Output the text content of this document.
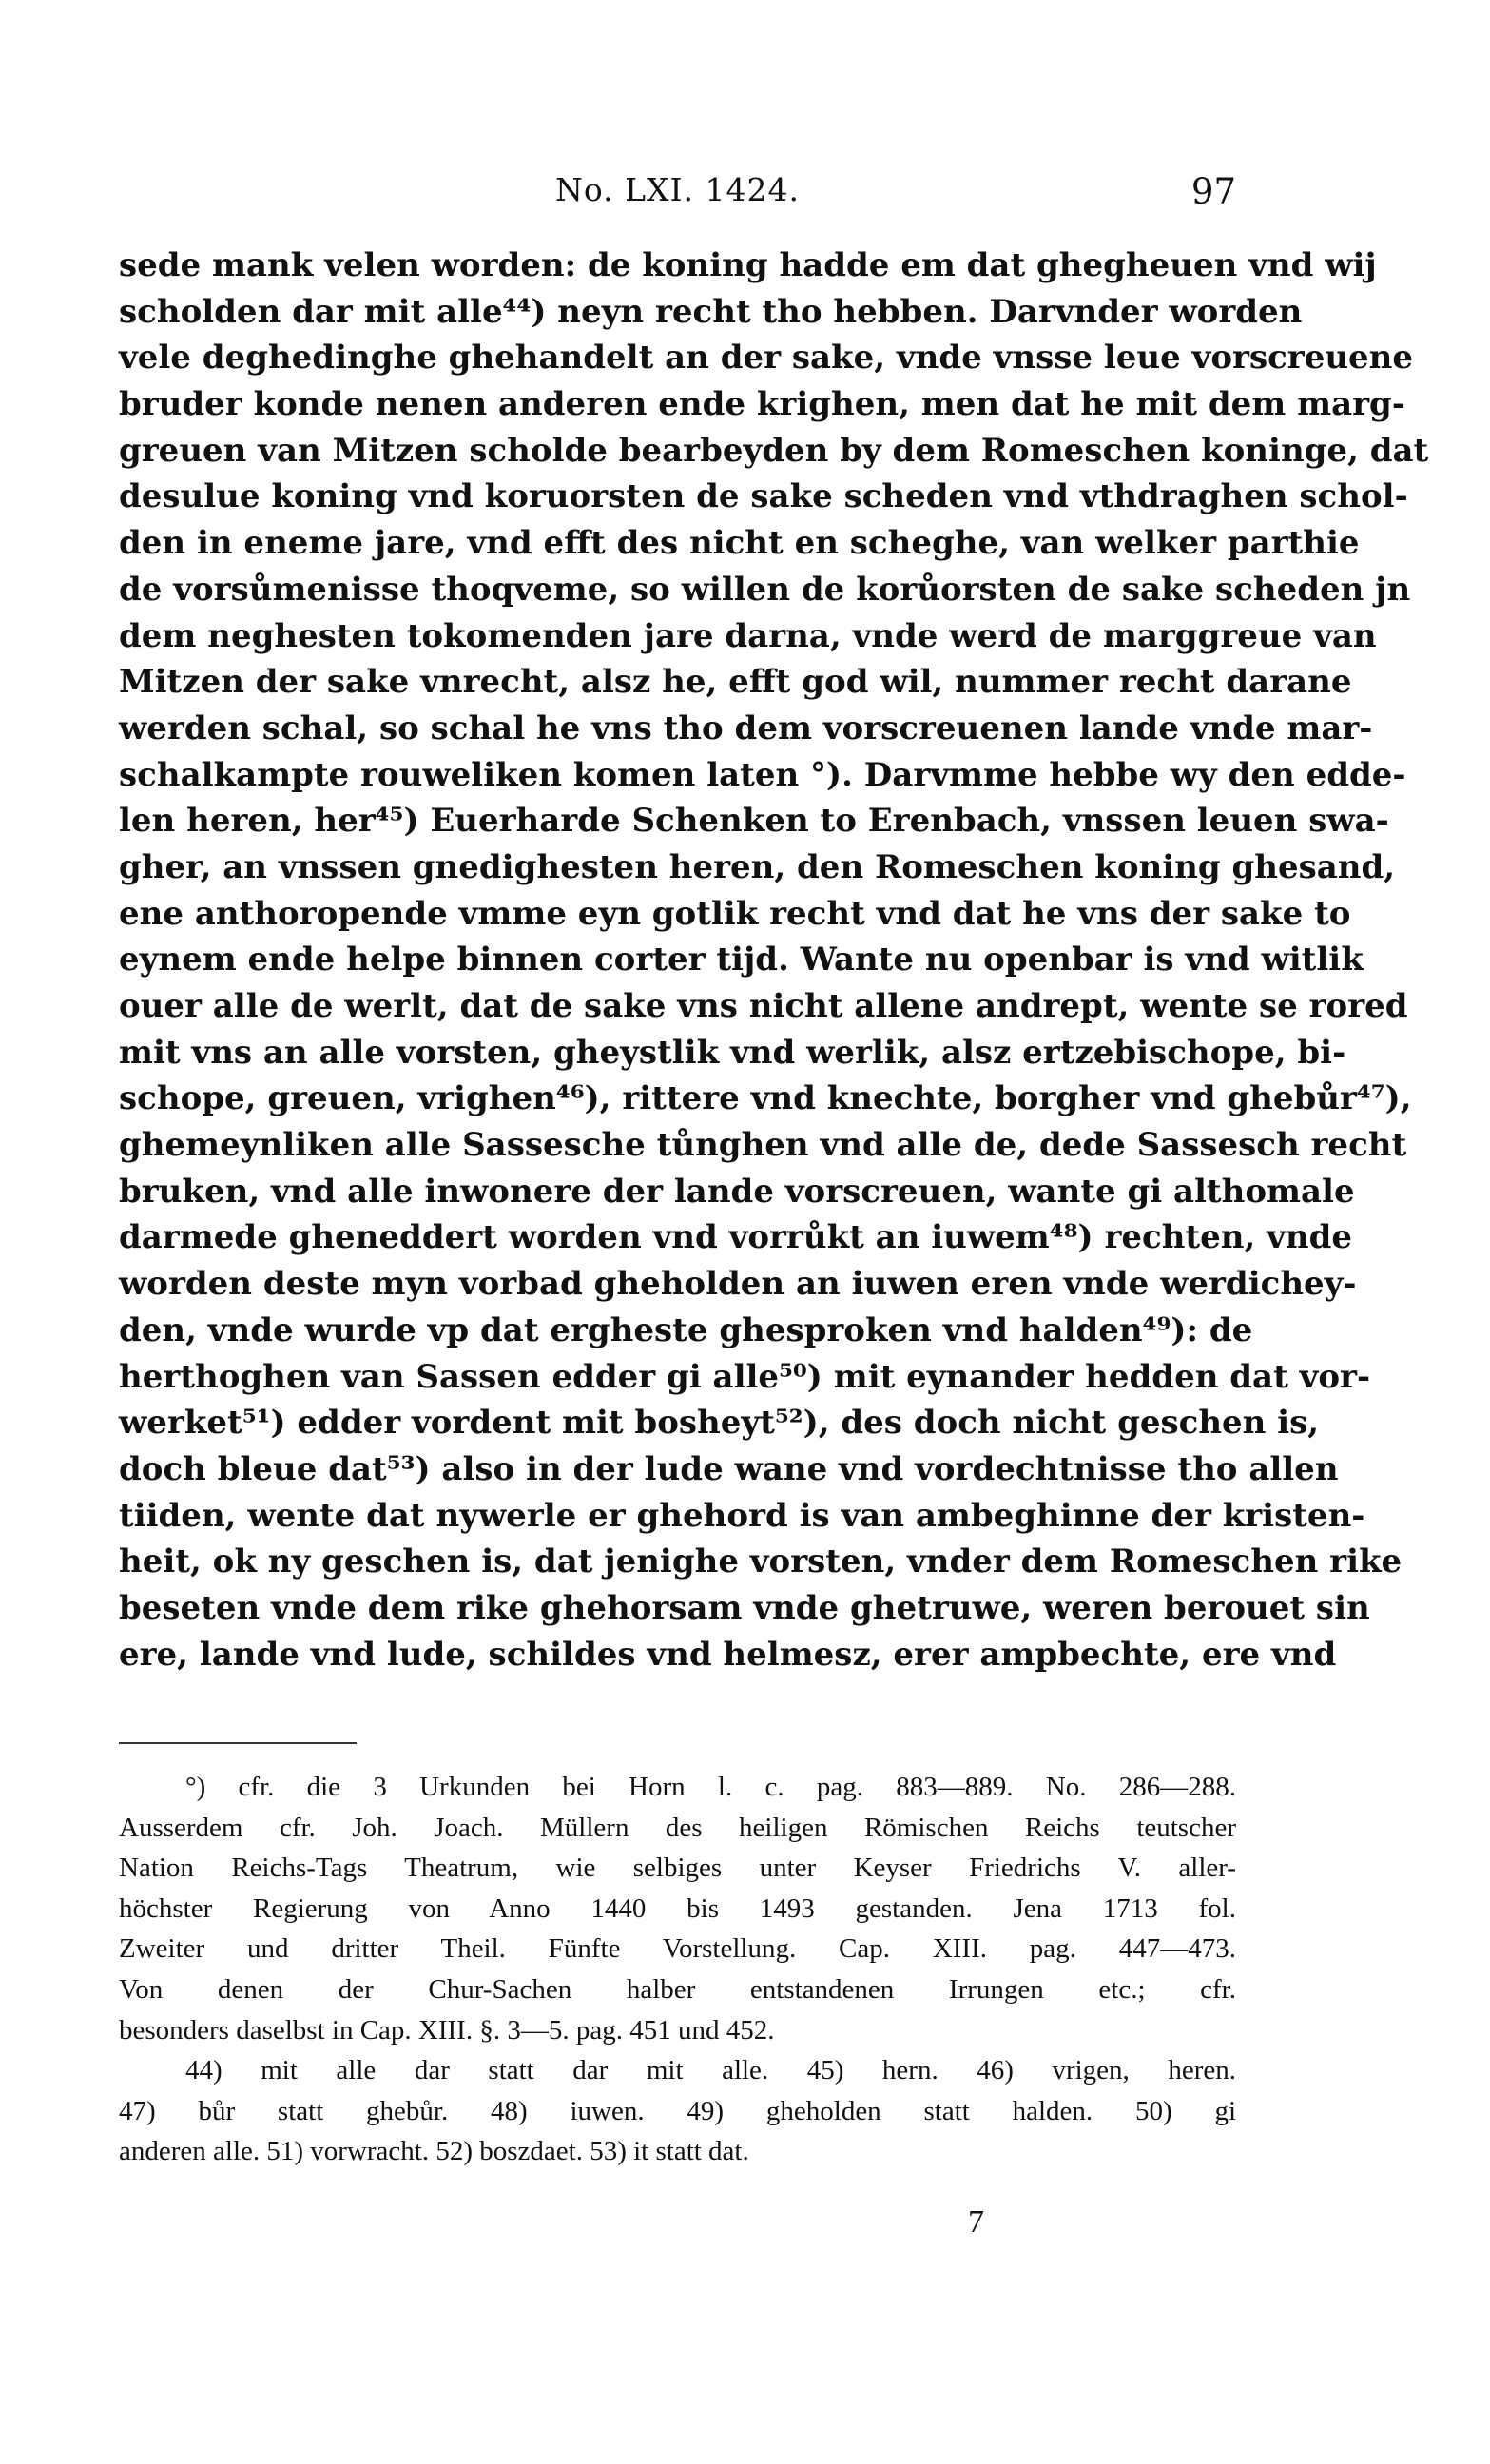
No. LXI. 1424.	97
sede mank velen worden: de koning hadde em dat ghegheuen vnd wij
scholden dar mit alle⁴⁴) neyn recht tho hebben. Darvnder worden
vele deghedinghe ghehandelt an der sake, vnde vnsse leue vorscreuene
bruder konde nenen anderen ende krighen, men dat he mit dem marg-
greuen van Mitzen scholde bearbeyden by dem Romeschen koninge, dat
desulue koning vnd koruorsten de sake scheden vnd vthdraghen schol-
den in eneme jare, vnd efft des nicht en scheghe, van welker parthie
de vorsůmenisse thoqveme, so willen de korůorsten de sake scheden jn
dem neghesten tokomenden jare darna, vnde werd de marggreue van
Mitzen der sake vnrecht, alsz he, efft god wil, nummer recht darane
werden schal, so schal he vns tho dem vorscreuenen lande vnde mar-
schalkampte rouweliken komen laten °). Darvmme hebbe wy den edde-
len heren, her⁴⁵) Euerharde Schenken to Erenbach, vnssen leuen swa-
gher, an vnssen gnedighesten heren, den Romeschen koning ghesand,
ene anthoropende vmme eyn gotlik recht vnd dat he vns der sake to
eynem ende helpe binnen corter tijd. Wante nu openbar is vnd witlik
ouer alle de werlt, dat de sake vns nicht allene andrept, wente se rored
mit vns an alle vorsten, gheystlik vnd werlik, alsz ertzebischope, bi-
schope, greuen, vrighen⁴⁶), rittere vnd knechte, borgher vnd ghebůr⁴⁷),
ghemeynliken alle Sassesche tůnghen vnd alle de, dede Sassesch recht
bruken, vnd alle inwonere der lande vorscreuen, wante gi althomale
darmede gheneddert worden vnd vorrůkt an iuwem⁴⁸) rechten, vnde
worden deste myn vorbad gheholden an iuwen eren vnde werdichey-
den, vnde wurde vp dat ergheste ghesproken vnd halden⁴⁹): de
herthoghen van Sassen edder gi alle⁵⁰) mit eynander hedden dat vor-
werket⁵¹) edder vordent mit bosheyt⁵²), des doch nicht geschen is,
doch bleue dat⁵³) also in der lude wane vnd vordechtnisse tho allen
tiiden, wente dat nywerle er ghehord is van ambeghinne der kristen-
heit, ok ny geschen is, dat jenighe vorsten, vnder dem Romeschen rike
beseten vnde dem rike ghehorsam vnde ghetruwe, weren berouet sin
ere, lande vnd lude, schildes vnd helmesz, erer ampbechte, ere vnd
°) cfr. die 3 Urkunden bei Horn l. c. pag. 883—889. No. 286—288.
Ausserdem cfr. Joh. Joach. Müllern des heiligen Römischen Reichs teutscher
Nation Reichs-Tags Theatrum, wie selbiges unter Keyser Friedrichs V. aller-
höchster Regierung von Anno 1440 bis 1493 gestanden. Jena 1713 fol.
Zweiter und dritter Theil. Fünfte Vorstellung. Cap. XIII. pag. 447—473.
Von denen der Chur-Sachen halber entstandenen Irrungen etc.; cfr.
besonders daselbst in Cap. XIII. §. 3—5. pag. 451 und 452.
44) mit alle dar statt dar mit alle. 45) hern. 46) vrigen, heren.
47) bůr statt ghebůr. 48) iuwen. 49) gheholden statt halden. 50) gi
anderen alle. 51) vorwracht. 52) boszdaet. 53) it statt dat.
7
